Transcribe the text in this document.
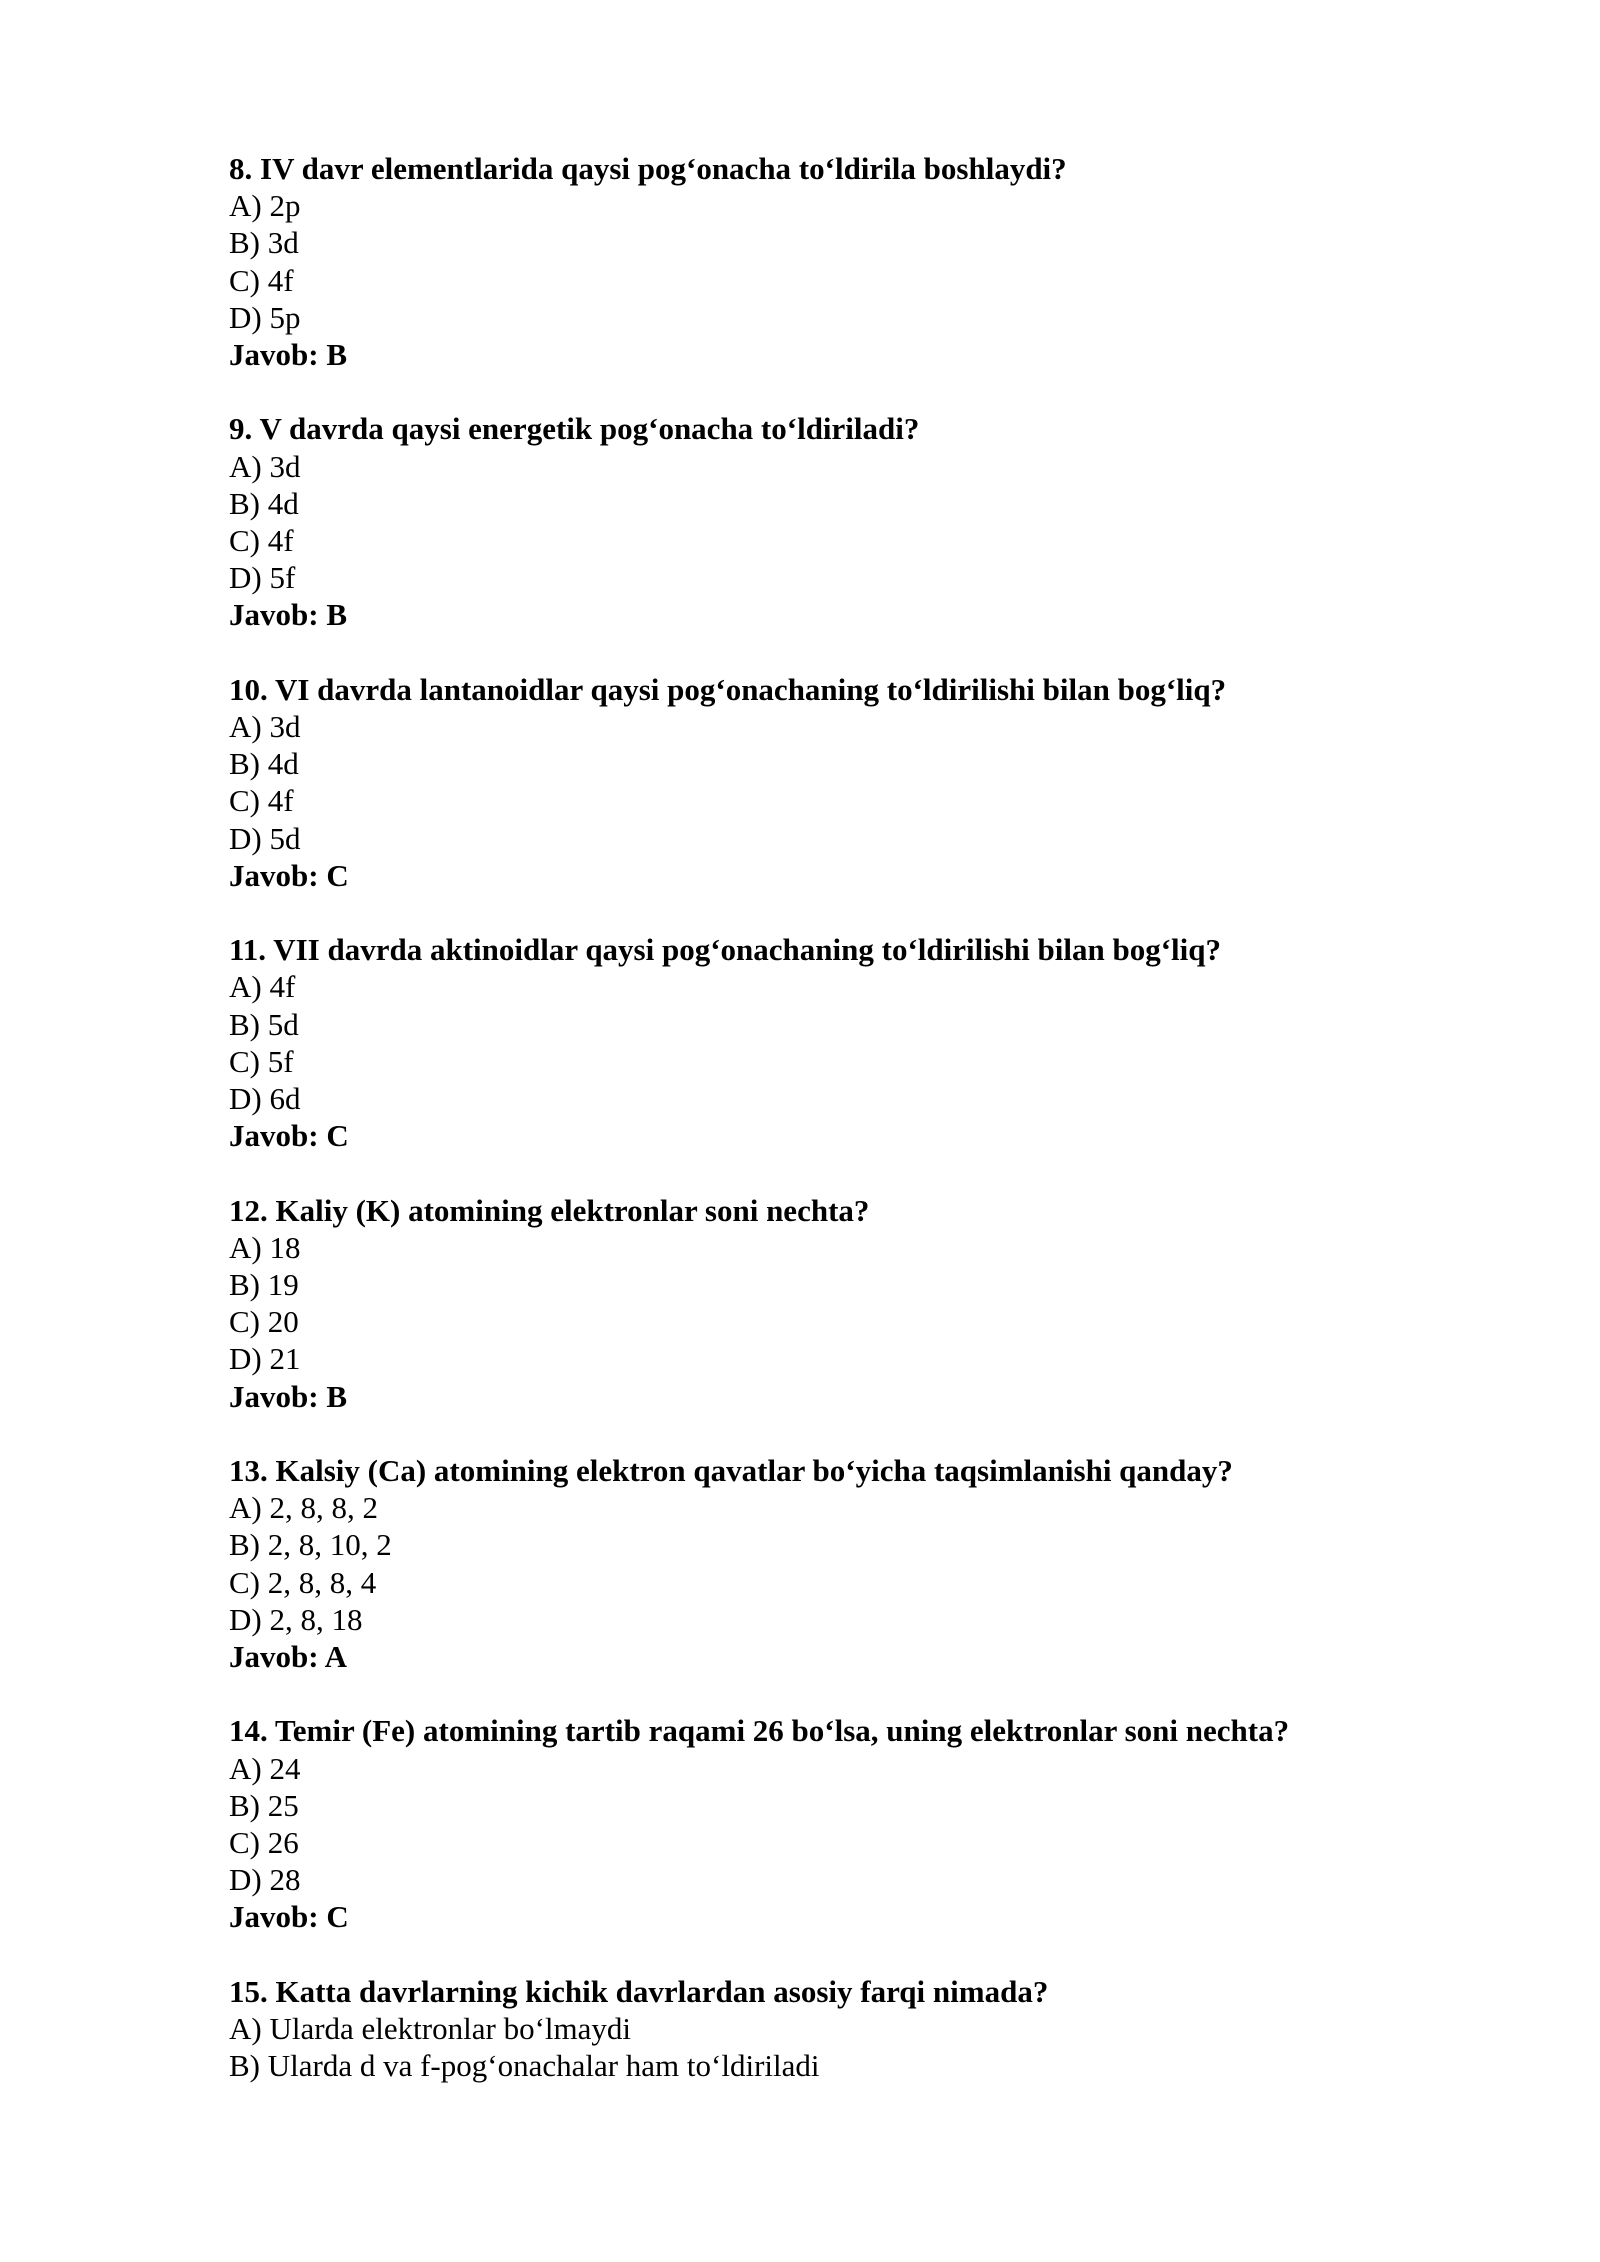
8. IV davr elementlarida qaysi pog‘onacha to‘ldirila boshlaydi?
A) 2p
B) 3d
C) 4f
D) 5p
Javob: B
9. V davrda qaysi energetik pog‘onacha to‘ldiriladi?
A) 3d
B) 4d
C) 4f
D) 5f
Javob: B
10. VI davrda lantanoidlar qaysi pog‘onachaning to‘ldirilishi bilan bog‘liq?
A) 3d
B) 4d
C) 4f
D) 5d
Javob: C
11. VII davrda aktinoidlar qaysi pog‘onachaning to‘ldirilishi bilan bog‘liq?
A) 4f
B) 5d
C) 5f
D) 6d
Javob: C
12. Kaliy (K) atomining elektronlar soni nechta?
A) 18
B) 19
C) 20
D) 21
Javob: B
13. Kalsiy (Ca) atomining elektron qavatlar bo‘yicha taqsimlanishi qanday?
A) 2, 8, 8, 2
B) 2, 8, 10, 2
C) 2, 8, 8, 4
D) 2, 8, 18
Javob: A
14. Temir (Fe) atomining tartib raqami 26 bo‘lsa, uning elektronlar soni nechta?
A) 24
B) 25
C) 26
D) 28
Javob: C
15. Katta davrlarning kichik davrlardan asosiy farqi nimada?
A) Ularda elektronlar bo‘lmaydi
B) Ularda d va f-pog‘onachalar ham to‘ldiriladi
